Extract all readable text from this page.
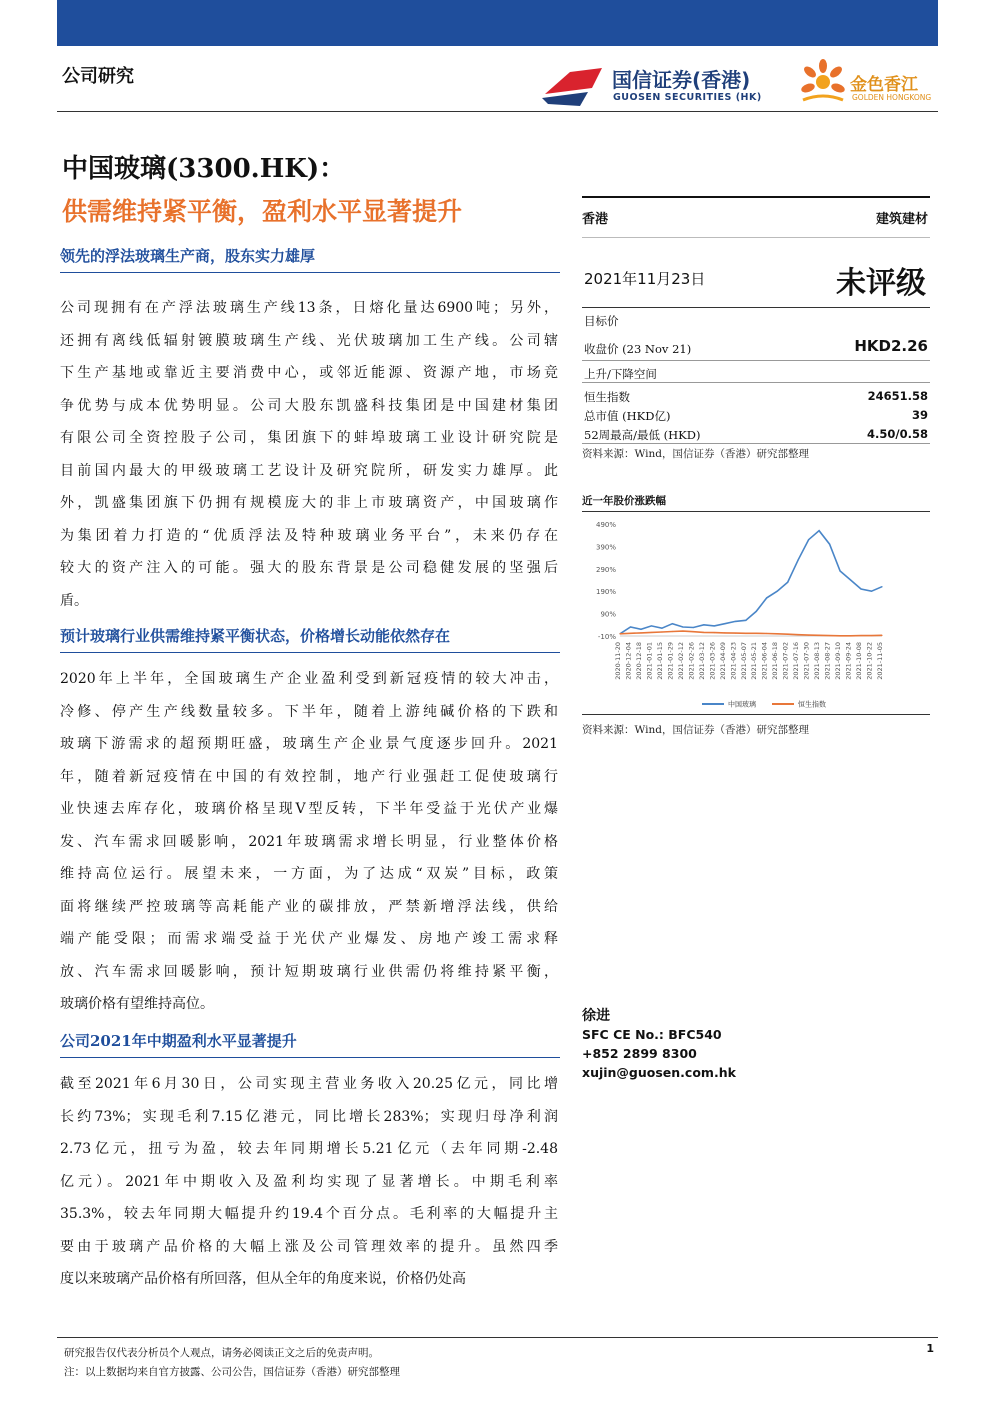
公司研究	国信证券(香港)
GUOSEN SECURITIES (HK)
金色香江
GOLDEN HONGKONG
中国玻璃(3300.HK)：
供需维持紧平衡，盈利水平显著提升
领先的浮法玻璃生产商，股东实力雄厚
公司现拥有在产浮法玻璃生产线13条，日熔化量达6900吨；另外，
还拥有离线低辐射镀膜玻璃生产线、光伏玻璃加工生产线。公司辖
下生产基地或靠近主要消费中心，或邻近能源、资源产地，市场竞
争优势与成本优势明显。公司大股东凯盛科技集团是中国建材集团
有限公司全资控股子公司，集团旗下的蚌埠玻璃工业设计研究院是
目前国内最大的甲级玻璃工艺设计及研究院所，研发实力雄厚。此
外，凯盛集团旗下仍拥有规模庞大的非上市玻璃资产，中国玻璃作
为集团着力打造的“优质浮法及特种玻璃业务平台”，未来仍存在
较大的资产注入的可能。强大的股东背景是公司稳健发展的坚强后
盾。
预计玻璃行业供需维持紧平衡状态，价格增长动能依然存在
2020年上半年，全国玻璃生产企业盈利受到新冠疫情的较大冲击，
冷修、停产生产线数量较多。下半年，随着上游纯碱价格的下跌和
玻璃下游需求的超预期旺盛，玻璃生产企业景气度逐步回升。2021
年，随着新冠疫情在中国的有效控制，地产行业强赶工促使玻璃行
业快速去库存化，玻璃价格呈现V型反转，下半年受益于光伏产业爆
发、汽车需求回暖影响，2021年玻璃需求增长明显，行业整体价格
维持高位运行。展望未来，一方面，为了达成“双炭”目标，政策
面将继续严控玻璃等高耗能产业的碳排放，严禁新增浮法线，供给
端产能受限；而需求端受益于光伏产业爆发、房地产竣工需求释
放、汽车需求回暖影响，预计短期玻璃行业供需仍将维持紧平衡，
玻璃价格有望维持高位。
公司2021年中期盈利水平显著提升
截至2021年6月30日，公司实现主营业务收入20.25亿元，同比增
长约73%；实现毛利7.15亿港元，同比增长283%；实现归母净利润
2.73亿元，扭亏为盈，较去年同期增长5.21亿元（去年同期-2.48
亿元）。2021年中期收入及盈利均实现了显著增长。中期毛利率
35.3%，较去年同期大幅提升约19.4个百分点。毛利率的大幅提升主
要由于玻璃产品价格的大幅上涨及公司管理效率的提升。虽然四季
度以来玻璃产品价格有所回落，但从全年的角度来说，价格仍处高
香港	建筑建材
2021年11月23日	未评级
目标价
收盘价 (23 Nov 21)	HKD2.26
上升/下降空间
恒生指数	24651.58
总市值 (HKD亿)	39
52周最高/最低 (HKD)	4.50/0.58
资料来源：Wind，国信证券（香港）研究部整理
近一年股价涨跌幅
490%
390%
290%
190%
90%
-10%
2020-11-20 2020-12-04 2020-12-18 2021-01-01 2021-01-15 2021-01-29 2021-02-12 2021-02-26 2021-03-12 2021-03-26 2021-04-09 2021-04-23 2021-05-07 2021-05-21 2021-06-04 2021-06-18 2021-07-02 2021-07-16 2021-07-30 2021-08-13 2021-08-27 2021-09-10 2021-09-24 2021-10-08 2021-10-22 2021-11-05
中国玻璃	恒生指数
资料来源：Wind，国信证券（香港）研究部整理
徐进
SFC CE No.: BFC540
+852 2899 8300
xujin@guosen.com.hk
研究报告仅代表分析员个人观点，请务必阅读正文之后的免责声明。
注：以上数据均来自官方披露、公司公告，国信证券（香港）研究部整理
1
